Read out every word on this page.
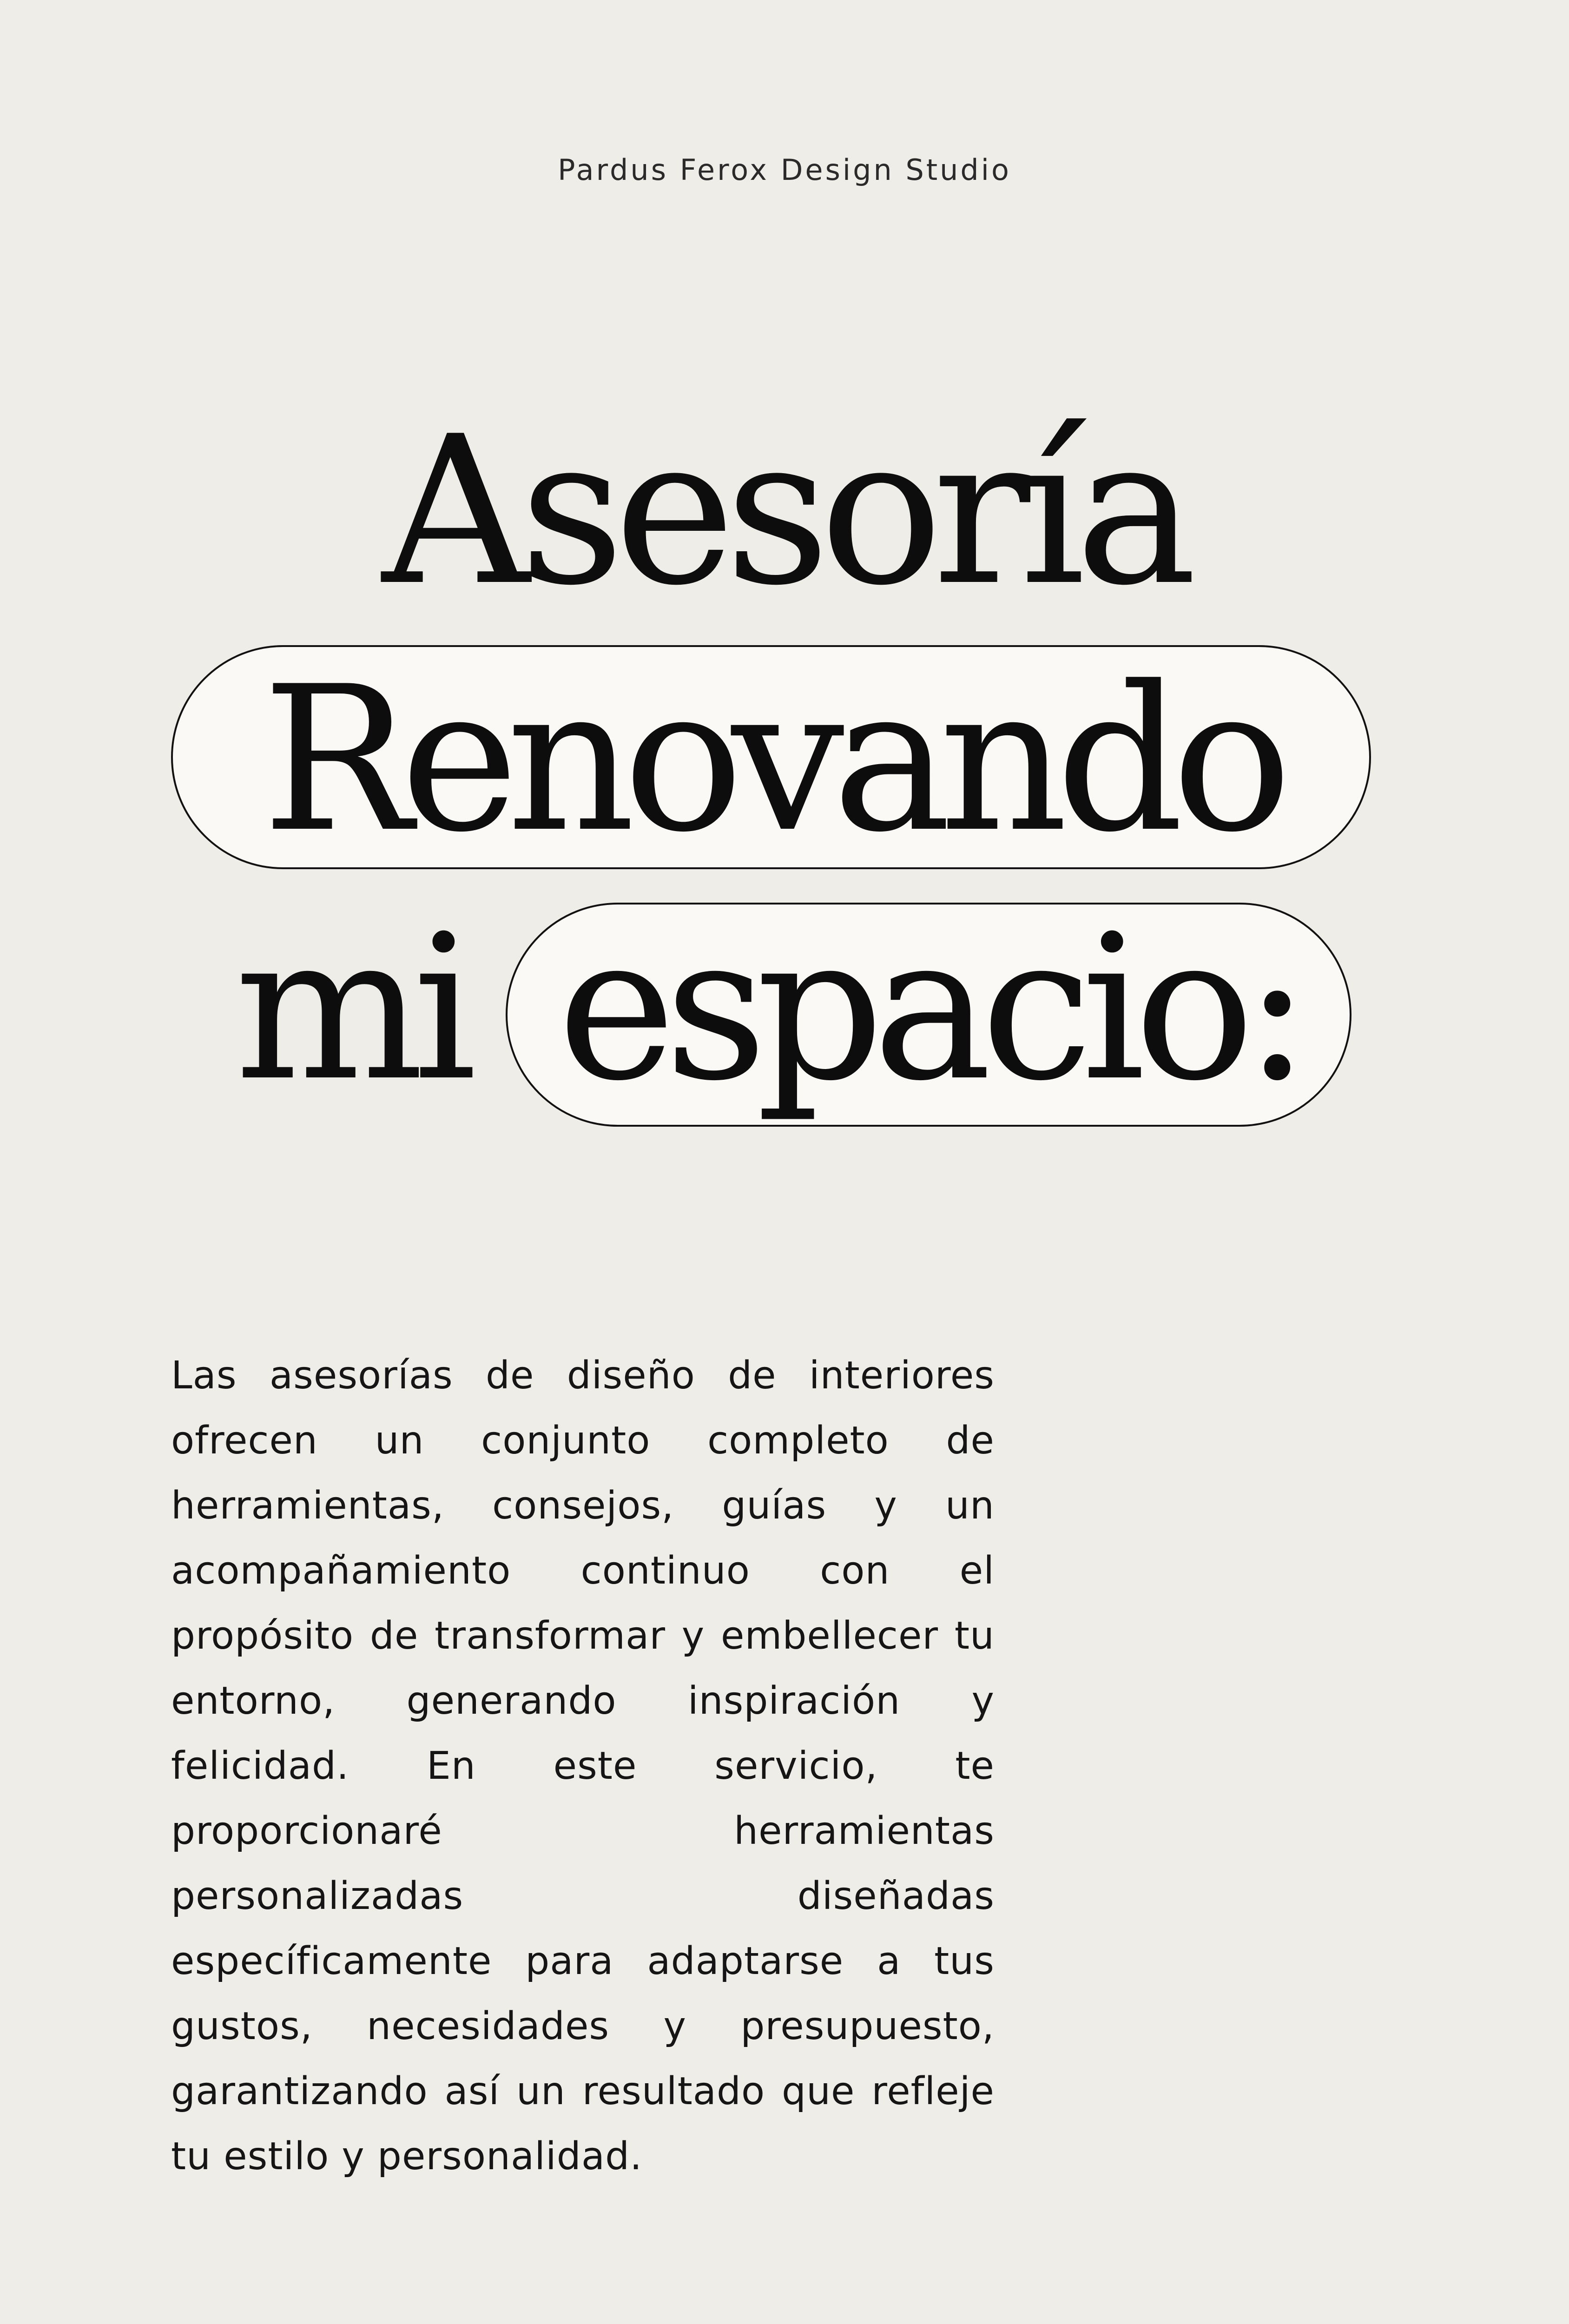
Pardus Ferox Design Studio
Asesoría
Renovando
mi espacio:

Las asesorías de diseño de interiores ofrecen un conjunto completo de herramientas, consejos, guías y un acompañamiento continuo con el propósito de transformar y embellecer tu entorno, generando inspiración y felicidad. En este servicio, te proporcionaré herramientas personalizadas diseñadas específicamente para adaptarse a tus gustos, necesidades y presupuesto, garantizando así un resultado que refleje tu estilo y personalidad.
